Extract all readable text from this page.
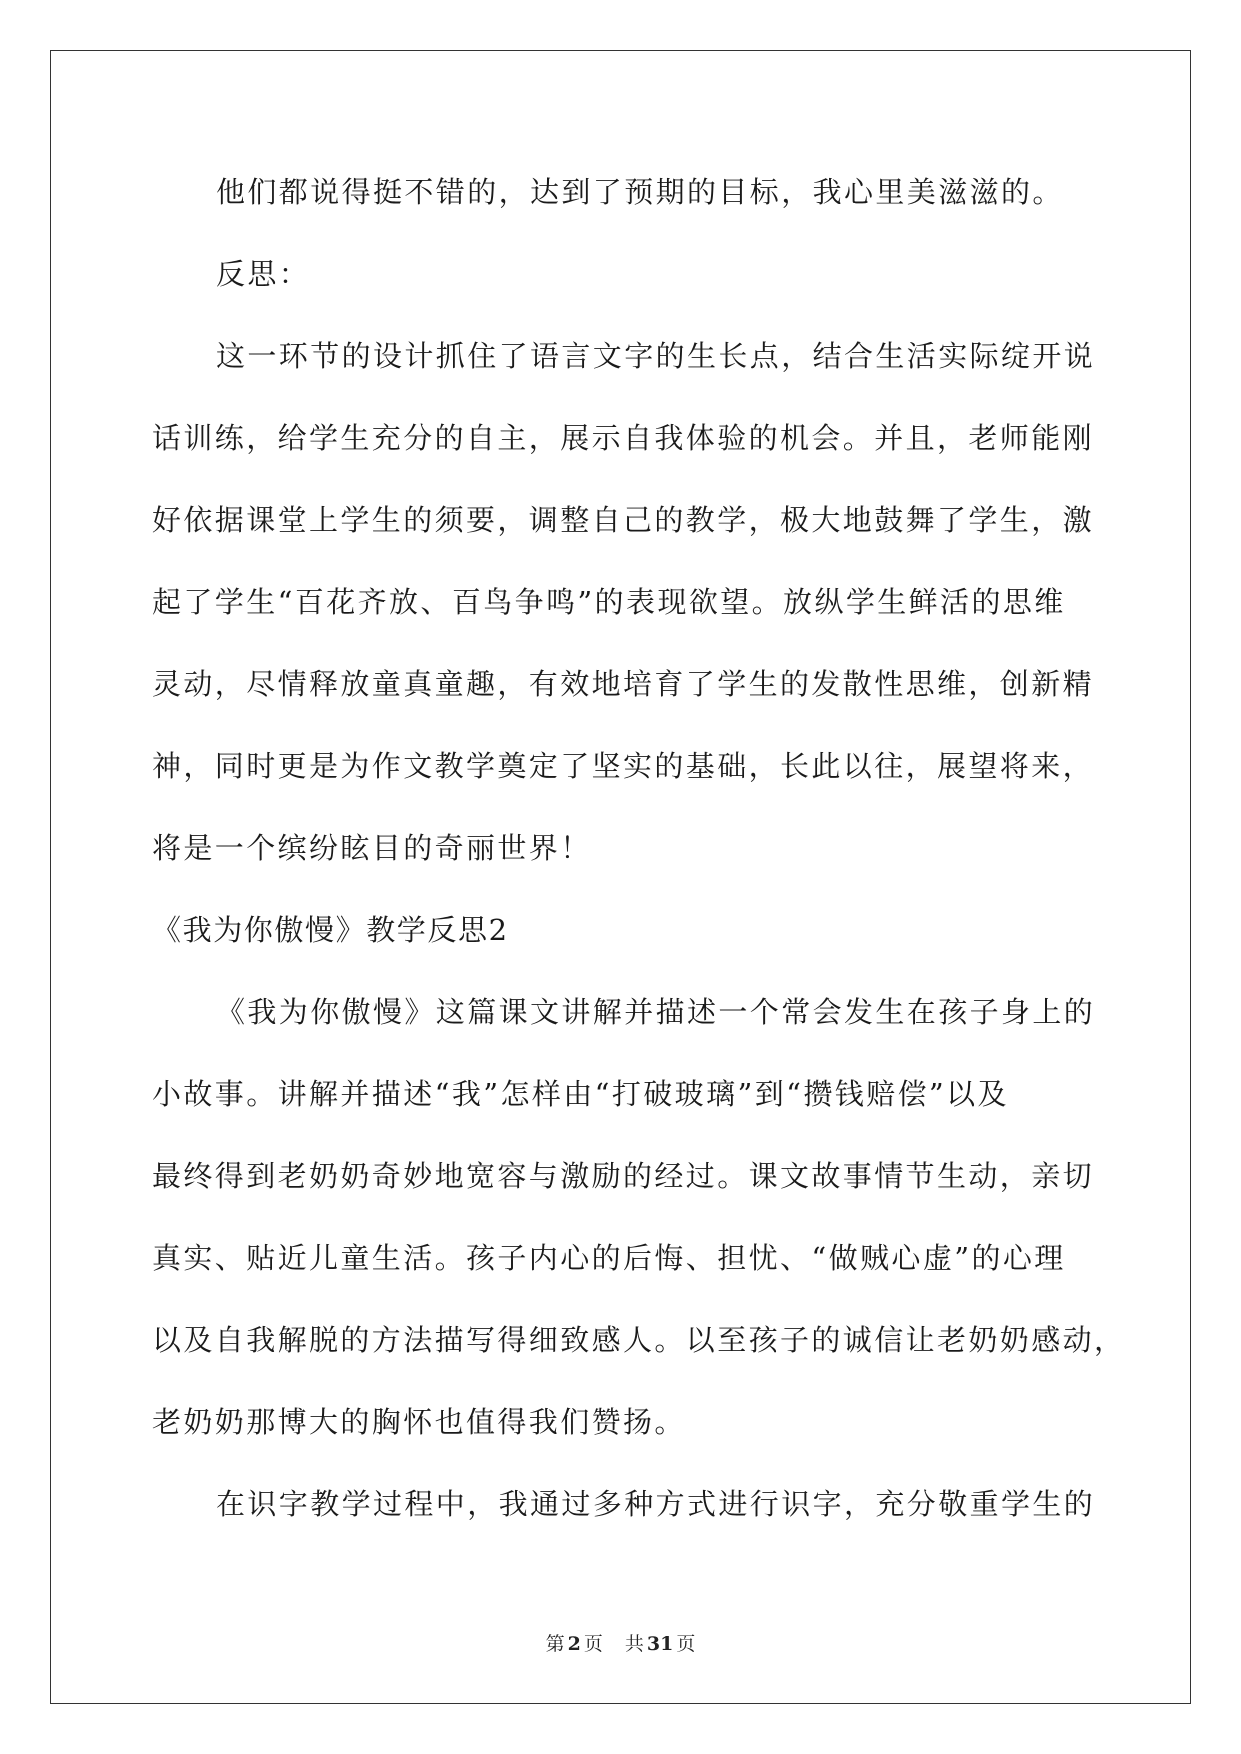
他们都说得挺不错的，达到了预期的目标，我心里美滋滋的。
反思：
这一环节的设计抓住了语言文字的生长点，结合生活实际绽开说
话训练，给学生充分的自主，展示自我体验的机会。并且，老师能刚
好依据课堂上学生的须要，调整自己的教学，极大地鼓舞了学生，激
起了学生“百花齐放、百鸟争鸣”的表现欲望。放纵学生鲜活的思维
灵动，尽情释放童真童趣，有效地培育了学生的发散性思维，创新精
神，同时更是为作文教学奠定了坚实的基础，长此以往，展望将来，
将是一个缤纷眩目的奇丽世界！
《我为你傲慢》教学反思2
《我为你傲慢》这篇课文讲解并描述一个常会发生在孩子身上的
小故事。讲解并描述“我”怎样由“打破玻璃”到“攒钱赔偿”以及
最终得到老奶奶奇妙地宽容与激励的经过。课文故事情节生动，亲切
真实、贴近儿童生活。孩子内心的后悔、担忧、“做贼心虚”的心理
以及自我解脱的方法描写得细致感人。以至孩子的诚信让老奶奶感动，
老奶奶那博大的胸怀也值得我们赞扬。
在识字教学过程中，我通过多种方式进行识字，充分敬重学生的
第 2 页 共 31 页
